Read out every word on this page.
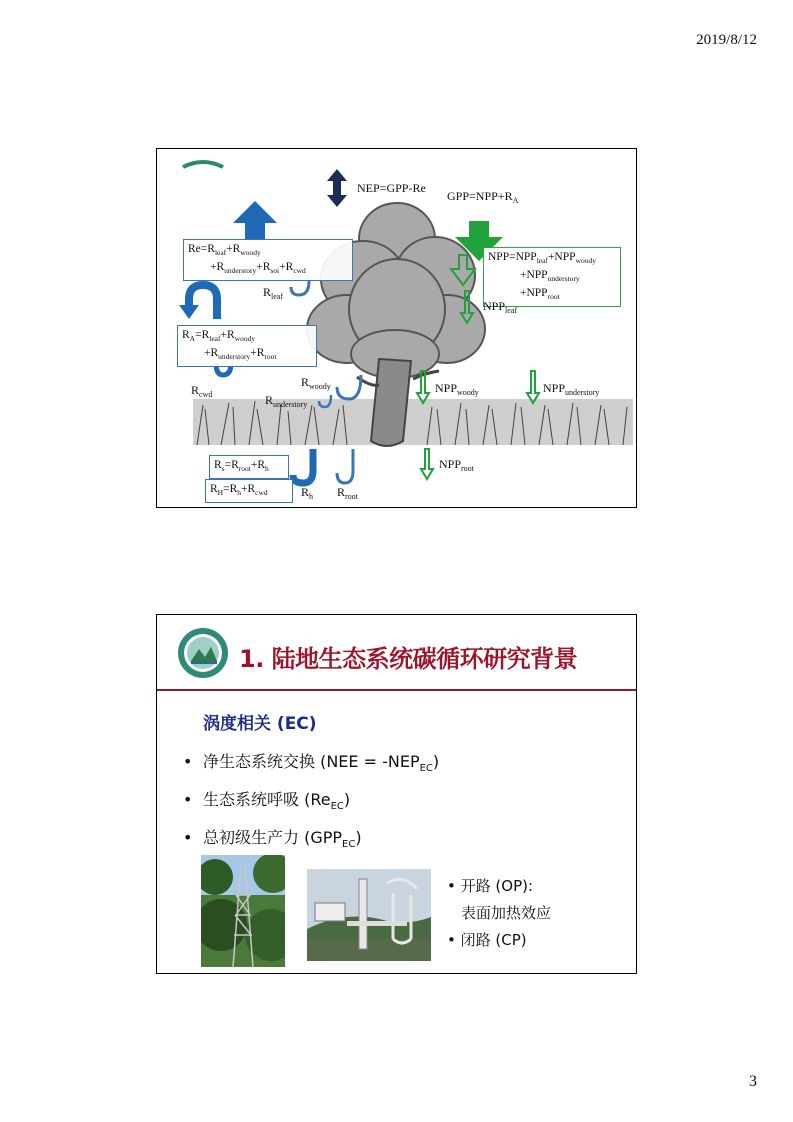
2019/8/12
3
NEP=GPP-Re
$GPP=NPP+R_A$
$Re=R_{leaf}+R_{woody}$
$+R_{understory}+R_{soi}+R_{cwd}$
$R_A=R_{leaf}+R_{woody}$
$+R_{understory}+R_{root}$
$NPP=NPP_{leaf}+NPP_{woody}$
$+NPP_{understory}$
$+NPP_{root}$
$R_s=R_{root}+R_h$
$R_H=R_h+R_{cwd}$
$R_{leaf}$
$R_{cwd}$
$R_{woody}$
$R_{understory}$
$R_h$ $R_{root}$
$NPP_{leaf}$
$NPP_{woody}$	$NPP_{understory}$
$NPP_{root}$
1. 陆地生态系统碳循环研究背景
涡度相关 (EC)
• 净生态系统交换 $(NEE = -NEP_{EC})$
• 生态系统呼吸 $(Re_{EC})$
• 总初级生产力 $(GPP_{EC})$
• 开路 (OP):
表面加热效应
• 闭路 (CP)
